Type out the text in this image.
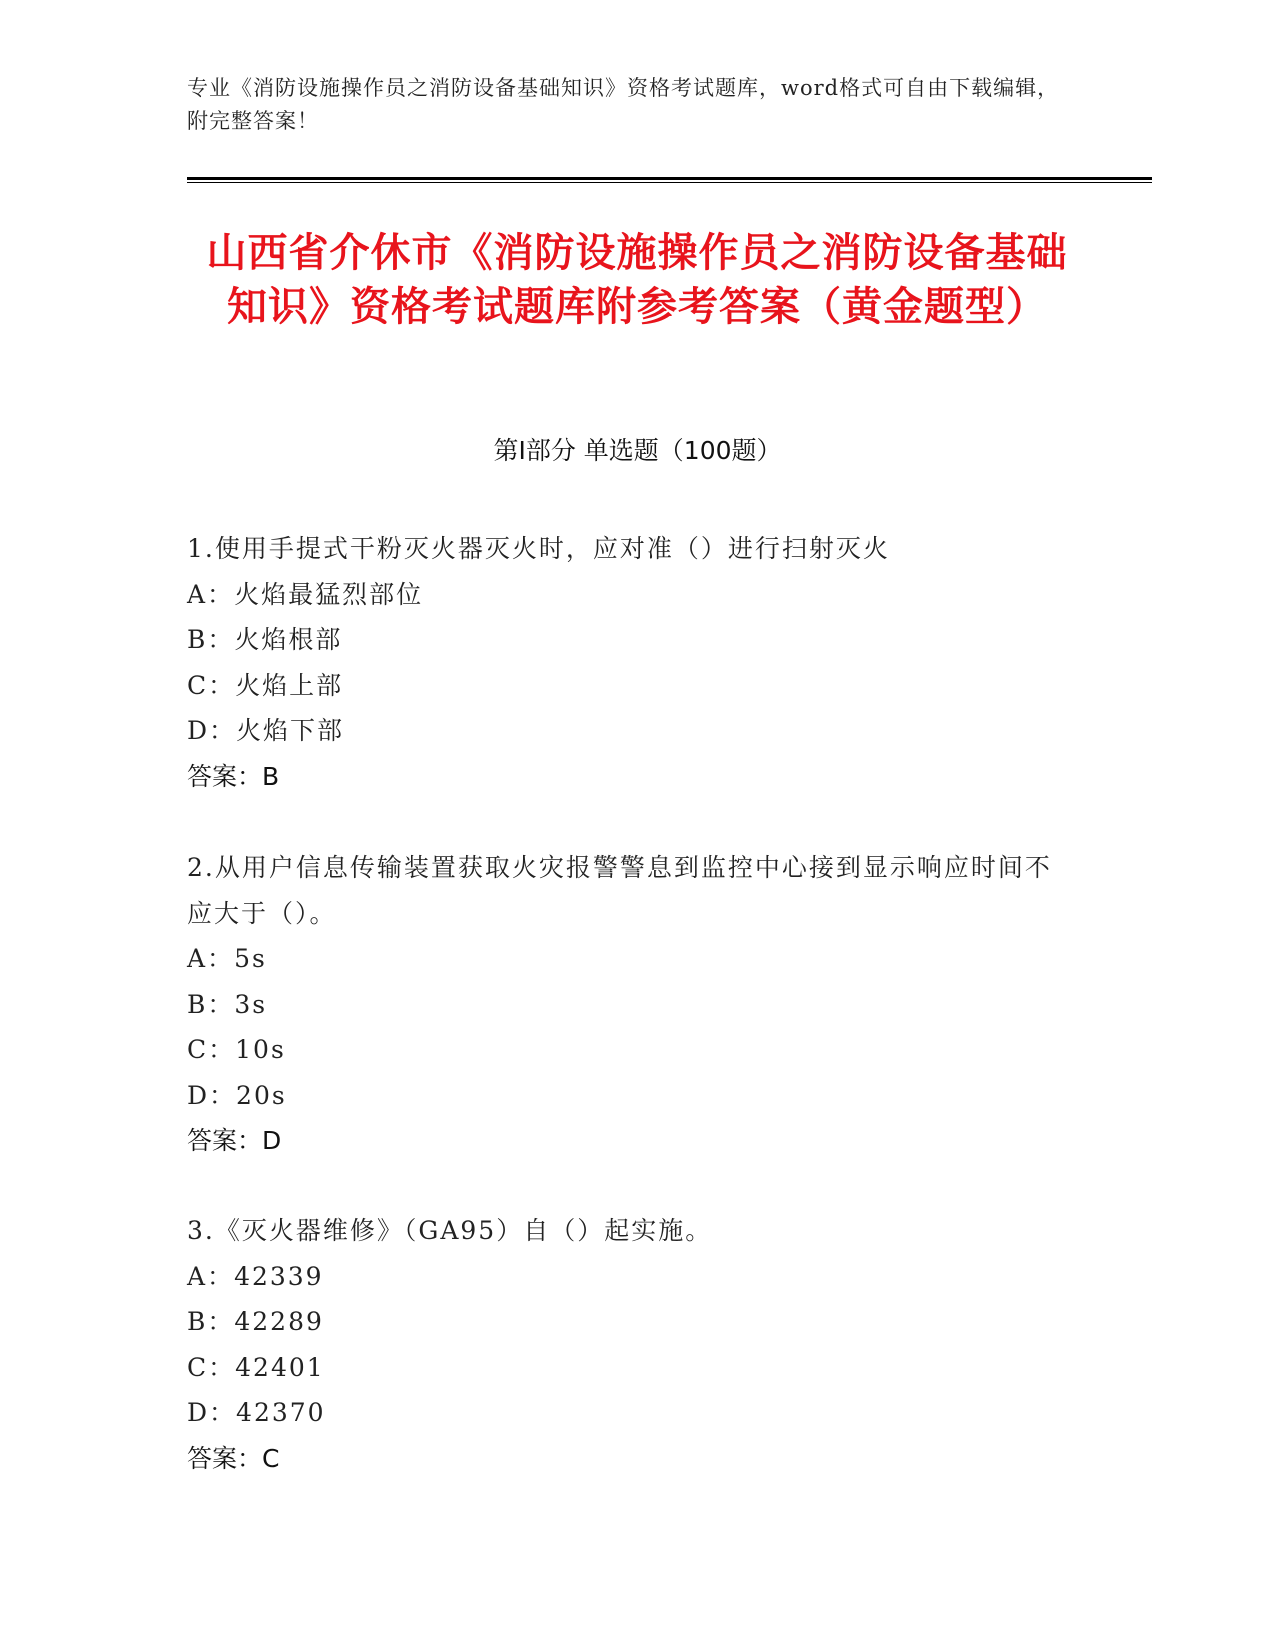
专业《消防设施操作员之消防设备基础知识》资格考试题库，word格式可自由下载编辑，附完整答案！
山西省介休市《消防设施操作员之消防设备基础知识》资格考试题库附参考答案（黄金题型）
第I部分 单选题（100题）
1.使用手提式干粉灭火器灭火时，应对准（）进行扫射灭火
A：火焰最猛烈部位
B：火焰根部
C：火焰上部
D：火焰下部
答案：B
2.从用户信息传输装置获取火灾报警警息到监控中心接到显示响应时间不应大于（）。
A：5s
B：3s
C：10s
D：20s
答案：D
3.《灭火器维修》（GA95）自（）起实施。
A：42339
B：42289
C：42401
D：42370
答案：C
